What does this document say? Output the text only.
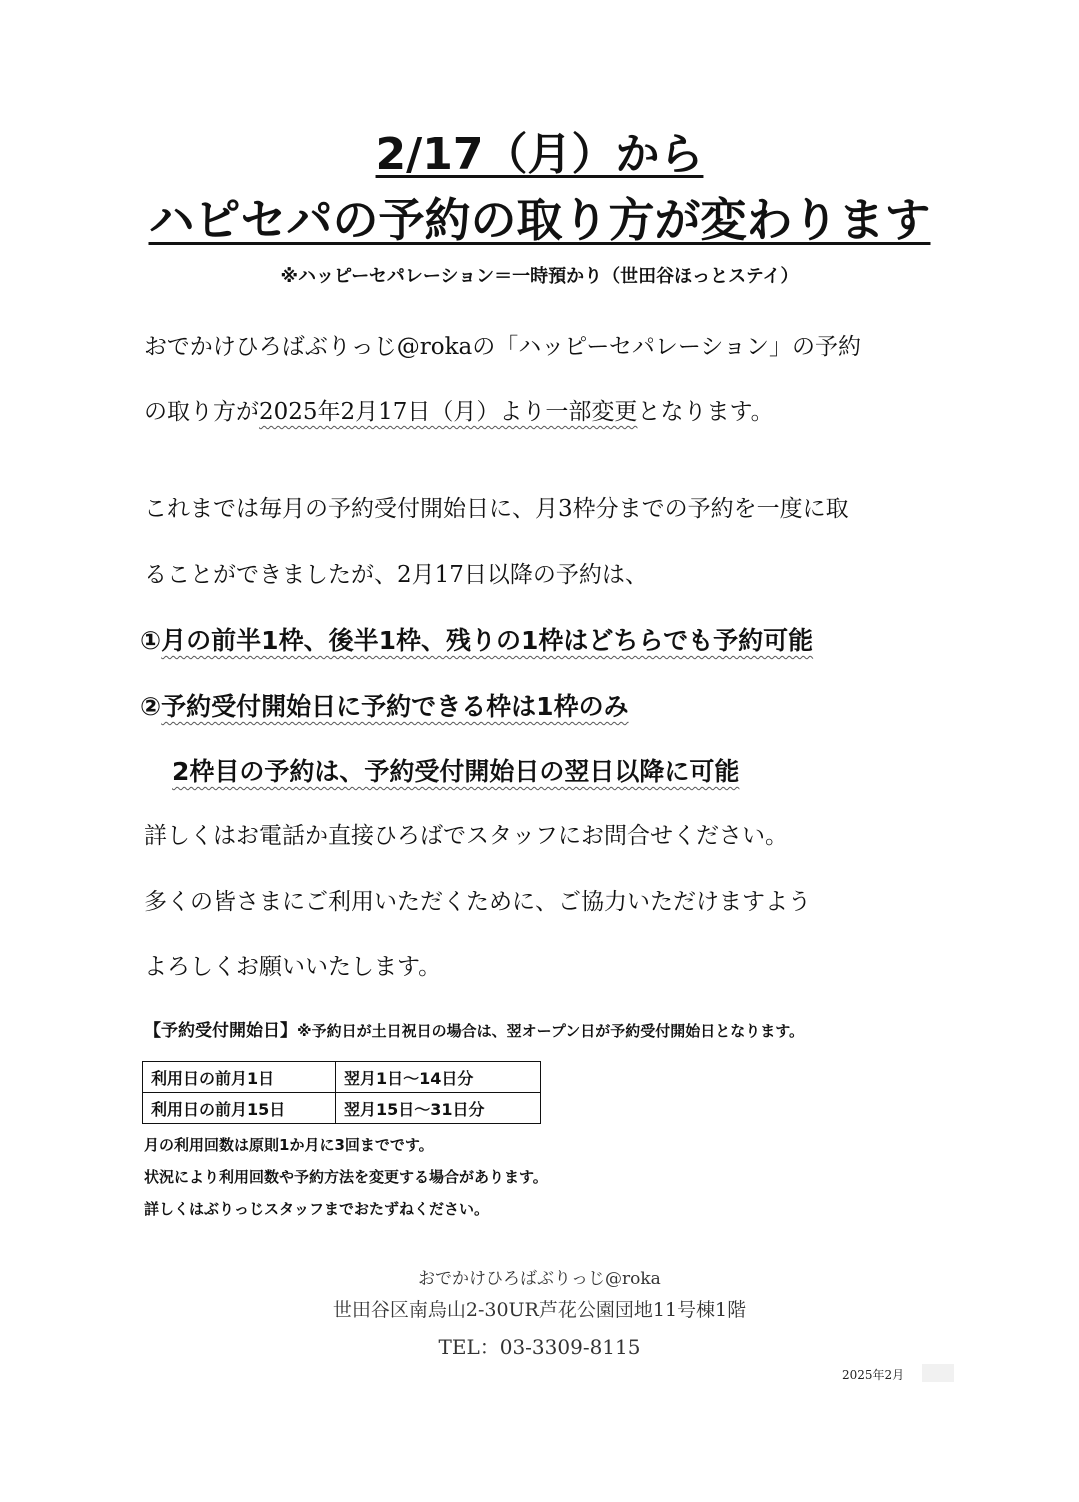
2/17（月）から
ハピセパの予約の取り方が変わります
※ハッピーセパレーション＝一時預かり（世田谷ほっとステイ）
おでかけひろばぶりっじ@rokaの「ハッピーセパレーション」の予約
の取り方が2025年2月17日（月）より一部変更となります。
これまでは毎月の予約受付開始日に、月3枠分までの予約を一度に取
ることができましたが、2月17日以降の予約は、
①月の前半1枠、後半1枠、残りの1枠はどちらでも予約可能
②予約受付開始日に予約できる枠は1枠のみ
2枠目の予約は、予約受付開始日の翌日以降に可能
詳しくはお電話か直接ひろばでスタッフにお問合せください。
多くの皆さまにご利用いただくために、ご協力いただけますよう
よろしくお願いいたします。
【予約受付開始日】※予約日が土日祝日の場合は、翌オープン日が予約受付開始日となります。
利用日の前月1日	翌月1日〜14日分
利用日の前月15日	翌月15日〜31日分
月の利用回数は原則1か月に3回までです。
状況により利用回数や予約方法を変更する場合があります。
詳しくはぶりっじスタッフまでおたずねください。
おでかけひろばぶりっじ@roka
世田谷区南烏山2-30UR芦花公園団地11号棟1階
TEL：03-3309-8115
2025年2月
